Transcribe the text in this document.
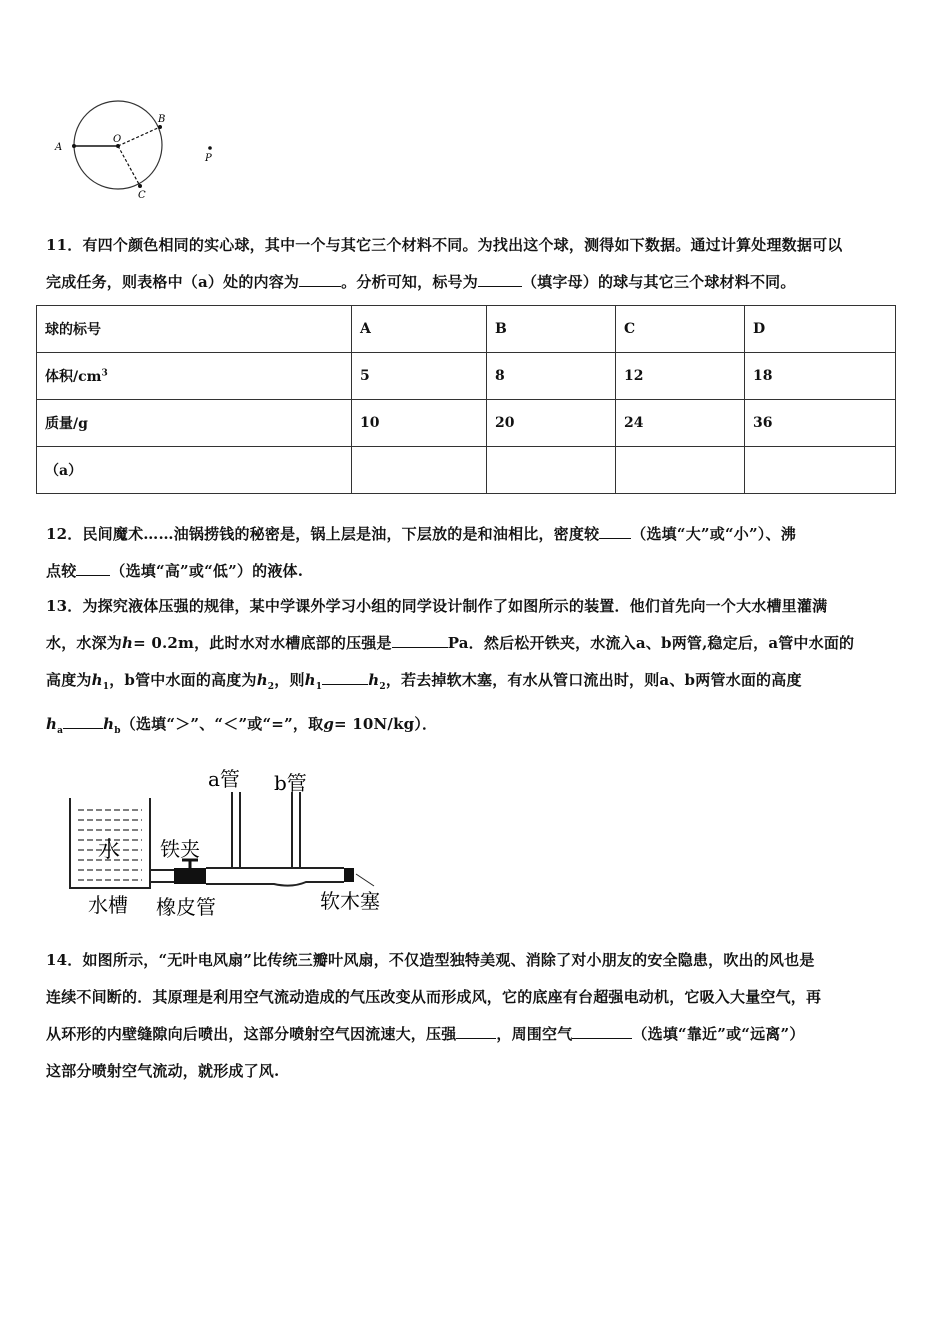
A
O
B
C
P

11．有四个颜色相同的实心球，其中一个与其它三个材料不同。为找出这个球，测得如下数据。通过计算处理数据可以

完成任务，则表格中（a）处的内容为	。分析可知，标号为	（填字母）的球与其它三个球材料不同。

球的标号	A	B	C	D
体积$/cm^3$	5	8	12	18
质量/g	10	20	24	36
（a）				

12．民间魔术……油锅捞钱的秘密是，锅上层是油，下层放的是和油相比，密度较 （选填“大”或“小”）、沸

点较 （选填“高”或“低”）的液体.

13．为探究液体压强的规律，某中学课外学习小组的同学设计制作了如图所示的装置．他们首先向一个大水槽里灌满

水，水深为h= 0.2m，此时水对水槽底部的压强是	Pa．然后松开铁夹，水流入a、b两管,稳定后，a管中水面的

高度为$h_1$，b管中水面的高度为$h_2$，则$h_1$	$h_2$，若去掉软木塞，有水从管口流出时，则a、b两管水面的高度

$h_a$	$h_b$（选填“＞”、“＜”或“=”，取g= 10N/kg）．

水
a管 b管
铁夹
水槽 橡皮管	软木塞

14．如图所示，“无叶电风扇”比传统三瓣叶风扇，不仅造型独特美观、消除了对小朋友的安全隐患，吹出的风也是

连续不间断的．其原理是利用空气流动造成的气压改变从而形成风，它的底座有台超强电动机，它吸入大量空气，再

从环形的内壁缝隙向后喷出，这部分喷射空气因流速大，压强	，周围空气	（选填“靠近”或“远离”）

这部分喷射空气流动，就形成了风.
